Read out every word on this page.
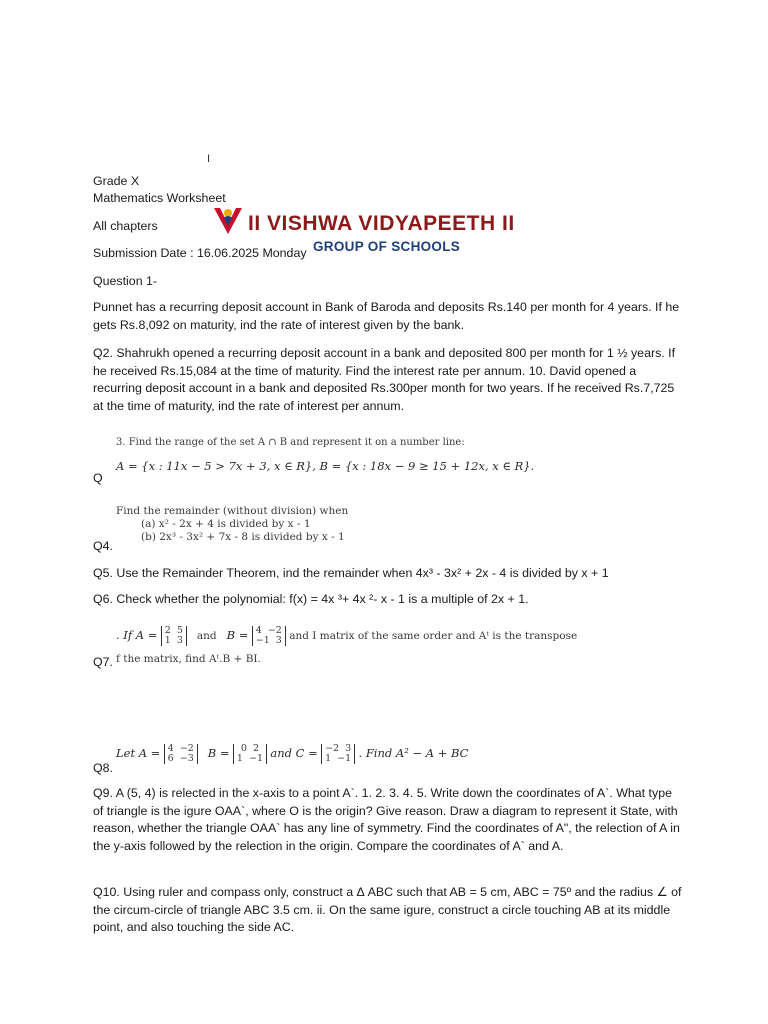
II VISHWA VIDYAPEETH II
GROUP OF SCHOOLS
I
Grade X
Mathematics Worksheet
All chapters
Submission Date : 16.06.2025 Monday
Question 1-
Punnet has a recurring deposit account in Bank of Baroda and deposits Rs.140 per month for 4 years. If he gets Rs.8,092 on maturity, ind the rate of interest given by the bank.
Q2. Shahrukh opened a recurring deposit account in a bank and deposited 800 per month for 1 ½ years. If he received Rs.15,084 at the time of maturity. Find the interest rate per annum. 10. David opened a recurring deposit account in a bank and deposited Rs.300per month for two years. If he received Rs.7,725 at the time of maturity, ind the rate of interest per annum.
3. Find the range of the set A ∩ B and represent it on a number line:
A = {x : 11x − 5 > 7x + 3, x ∈ R}, B = {x : 18x − 9 ≥ 15 + 12x, x ∈ R}.
Q
Find the remainder (without division) when
(a) x² - 2x + 4 is divided by x - 1
(b) 2x³ - 3x² + 7x - 8 is divided by x - 1
Q4.
Q5. Use the Remainder Theorem, ind the remainder when 4x³ - 3x² + 2x - 4 is divided by x + 1
Q6. Check whether the polynomial: f(x) = 4x ³+ 4x ²- x - 1 is a multiple of 2x + 1.
. If A = 2 5
1 3 and B = 4 −2
−1 3 and I matrix of the same order and Aᵗ is the transpose
f the matrix, find Aᵗ.B + BI.
Q7.
Let A = 4 −2
6 −3 B =	0 2
1 −1 and C = −2 3
1 −1 . Find A² − A + BC
Q8.
Q9. A (5, 4) is relected in the x-axis to a point A`. 1. 2. 3. 4. 5. Write down the coordinates of A`. What type of triangle is the igure OAA`, where O is the origin? Give reason. Draw a diagram to represent it State, with reason, whether the triangle OAA` has any line of symmetry. Find the coordinates of A", the relection of A in the y-axis followed by the relection in the origin. Compare the coordinates of A` and A.
Q10. Using ruler and compass only, construct a Δ ABC such that AB = 5 cm, ABC = 75º and the radius ∠ of the circum-circle of triangle ABC 3.5 cm. ii. On the same igure, construct a circle touching AB at its middle point, and also touching the side AC.
